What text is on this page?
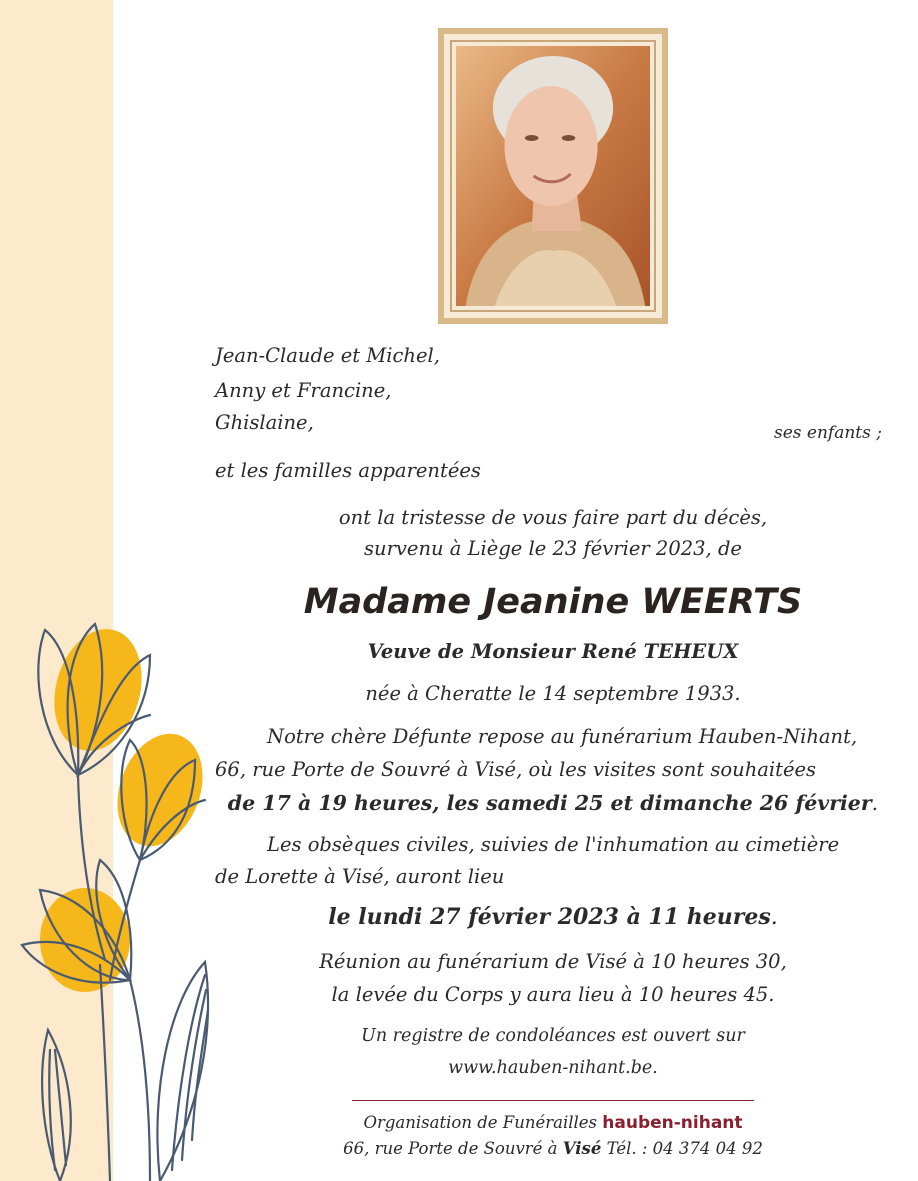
Jean-Claude et Michel,
Anny et Francine,
Ghislaine,	ses enfants ;
et les familles apparentées
ont la tristesse de vous faire part du décès,
survenu à Liège le 23 février 2023, de
Madame Jeanine WEERTS
Veuve de Monsieur René TEHEUX
née à Cheratte le 14 septembre 1933.
Notre chère Défunte repose au funérarium Hauben-Nihant,
66, rue Porte de Souvré à Visé, où les visites sont souhaitées
de 17 à 19 heures, les samedi 25 et dimanche 26 février.
Les obsèques civiles, suivies de l'inhumation au cimetière
de Lorette à Visé, auront lieu
le lundi 27 février 2023 à 11 heures.
Réunion au funérarium de Visé à 10 heures 30,
la levée du Corps y aura lieu à 10 heures 45.
Un registre de condoléances est ouvert sur
www.hauben-nihant.be.
Organisation de Funérailles hauben-nihant
66, rue Porte de Souvré à Visé Tél. : 04 374 04 92
